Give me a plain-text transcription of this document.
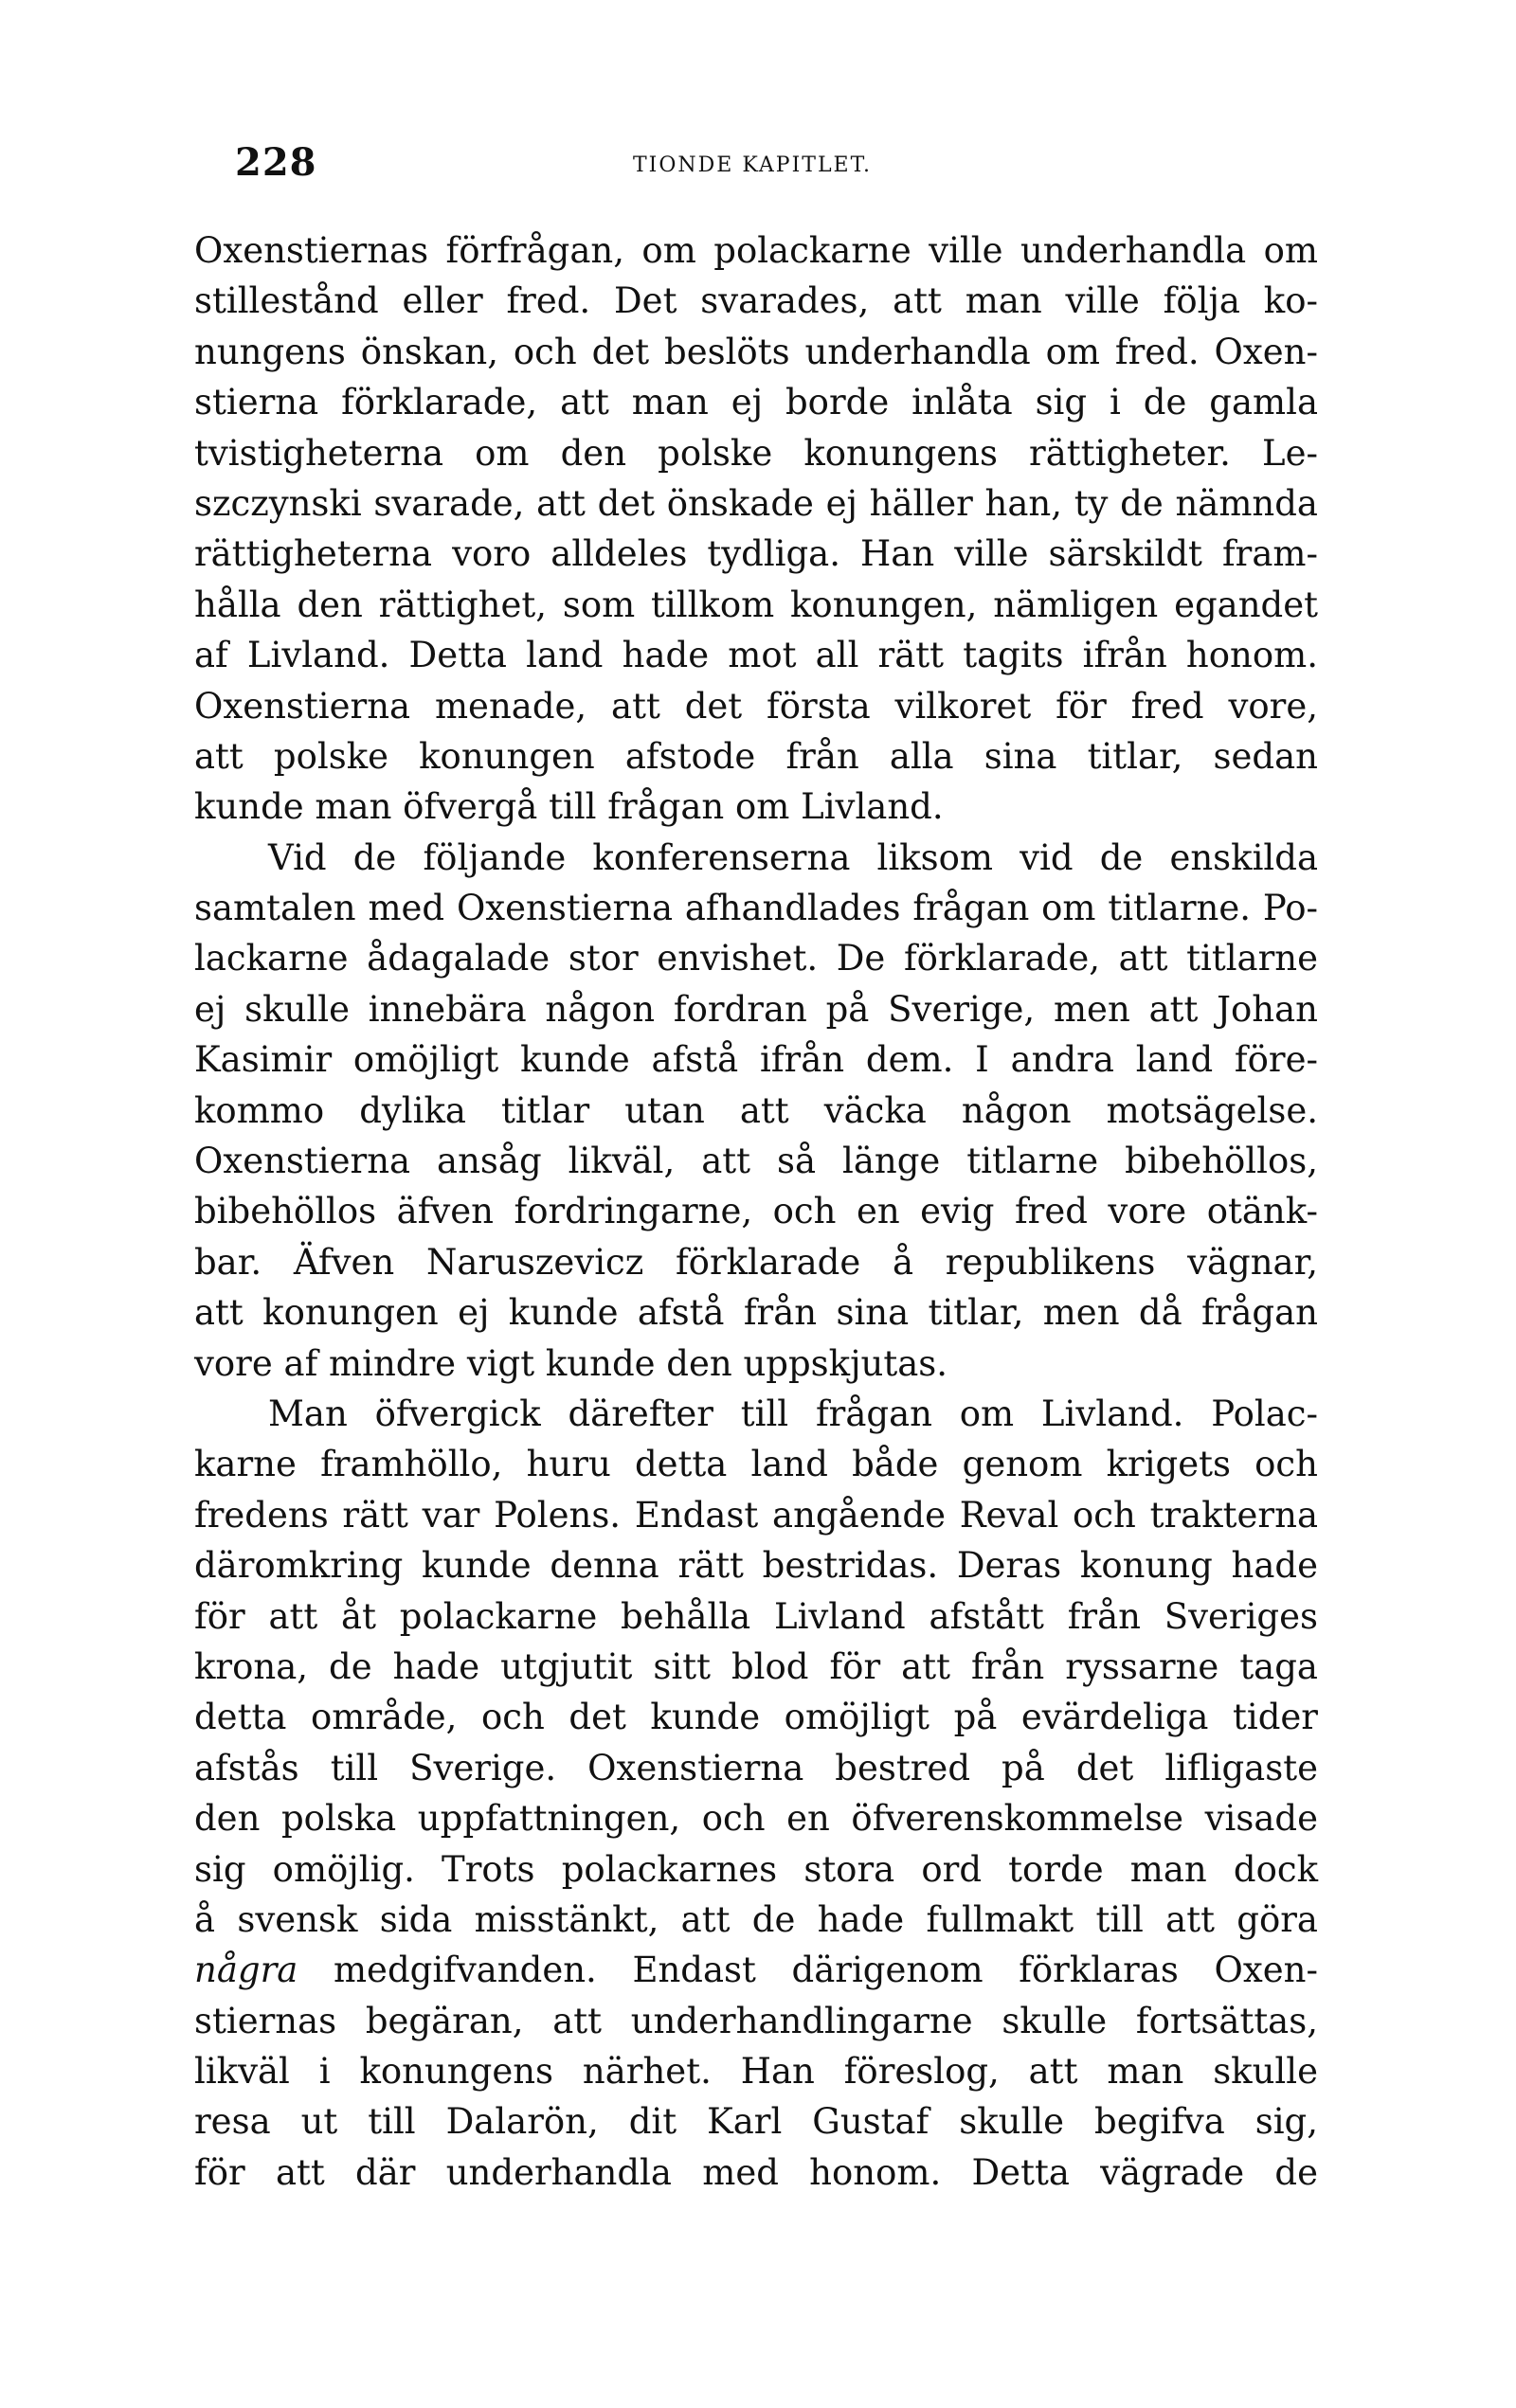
228	TIONDE KAPITLET.
Oxenstiernas förfrågan, om polackarne ville underhandla om
stillestånd eller fred. Det svarades, att man ville följa ko-
nungens önskan, och det beslöts underhandla om fred. Oxen-
stierna förklarade, att man ej borde inlåta sig i de gamla
tvistigheterna om den polske konungens rättigheter. Le-
szczynski svarade, att det önskade ej häller han, ty de nämnda
rättigheterna voro alldeles tydliga. Han ville särskildt fram-
hålla den rättighet, som tillkom konungen, nämligen egandet
af Livland. Detta land hade mot all rätt tagits ifrån honom.
Oxenstierna menade, att det första vilkoret för fred vore,
att polske konungen afstode från alla sina titlar, sedan
kunde man öfvergå till frågan om Livland.
Vid de följande konferenserna liksom vid de enskilda
samtalen med Oxenstierna afhandlades frågan om titlarne. Po-
lackarne ådagalade stor envishet. De förklarade, att titlarne
ej skulle innebära någon fordran på Sverige, men att Johan
Kasimir omöjligt kunde afstå ifrån dem. I andra land före-
kommo dylika titlar utan att väcka någon motsägelse.
Oxenstierna ansåg likväl, att så länge titlarne bibehöllos,
bibehöllos äfven fordringarne, och en evig fred vore otänk-
bar. Äfven Naruszevicz förklarade å republikens vägnar,
att konungen ej kunde afstå från sina titlar, men då frågan
vore af mindre vigt kunde den uppskjutas.
Man öfvergick därefter till frågan om Livland. Polac-
karne framhöllo, huru detta land både genom krigets och
fredens rätt var Polens. Endast angående Reval och trakterna
däromkring kunde denna rätt bestridas. Deras konung hade
för att åt polackarne behålla Livland afstått från Sveriges
krona, de hade utgjutit sitt blod för att från ryssarne taga
detta område, och det kunde omöjligt på evärdeliga tider
afstås till Sverige. Oxenstierna bestred på det lifligaste
den polska uppfattningen, och en öfverenskommelse visade
sig omöjlig. Trots polackarnes stora ord torde man dock
å svensk sida misstänkt, att de hade fullmakt till att göra
några medgifvanden. Endast därigenom förklaras Oxen-
stiernas begäran, att underhandlingarne skulle fortsättas,
likväl i konungens närhet. Han föreslog, att man skulle
resa ut till Dalarön, dit Karl Gustaf skulle begifva sig,
för att där underhandla med honom. Detta vägrade de
